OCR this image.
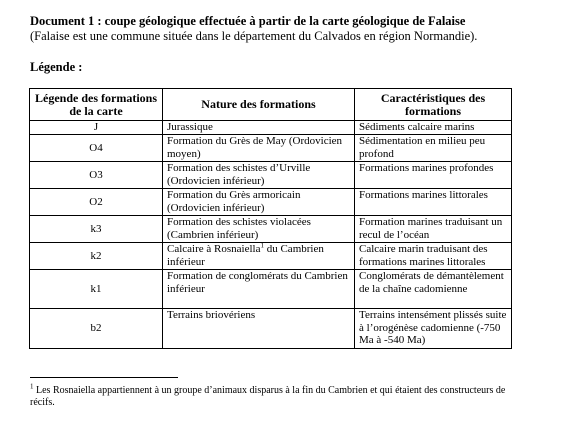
Document 1 : coupe géologique effectuée à partir de la carte géologique de Falaise
(Falaise est une commune située dans le département du Calvados en région Normandie).
Légende :
Légende des formations de la carte	Nature des formations	Caractéristiques des formations
J	Jurassique	Sédiments calcaire marins
O4	Formation du Grès de May (Ordovicien moyen)	Sédimentation en milieu peu profond
O3	Formation des schistes d’Urville (Ordovicien inférieur)	Formations marines profondes
O2	Formation du Grès armoricain (Ordovicien inférieur)	Formations marines littorales
k3	Formation des schistes violacées (Cambrien inférieur)	Formation marines traduisant un recul de l’océan
k2	Calcaire à Rosnaiella$^1$ du Cambrien inférieur	Calcaire marin traduisant des formations marines littorales
k1	Formation de conglomérats du Cambrien inférieur	Conglomérats de démantèlement de la chaîne cadomienne
b2	Terrains briovériens	Terrains intensément plissés suite à l’orogénèse cadomienne (-750 Ma à -540 Ma)
$^1$ Les Rosnaiella appartiennent à un groupe d’animaux disparus à la fin du Cambrien et qui étaient des constructeurs de récifs.
